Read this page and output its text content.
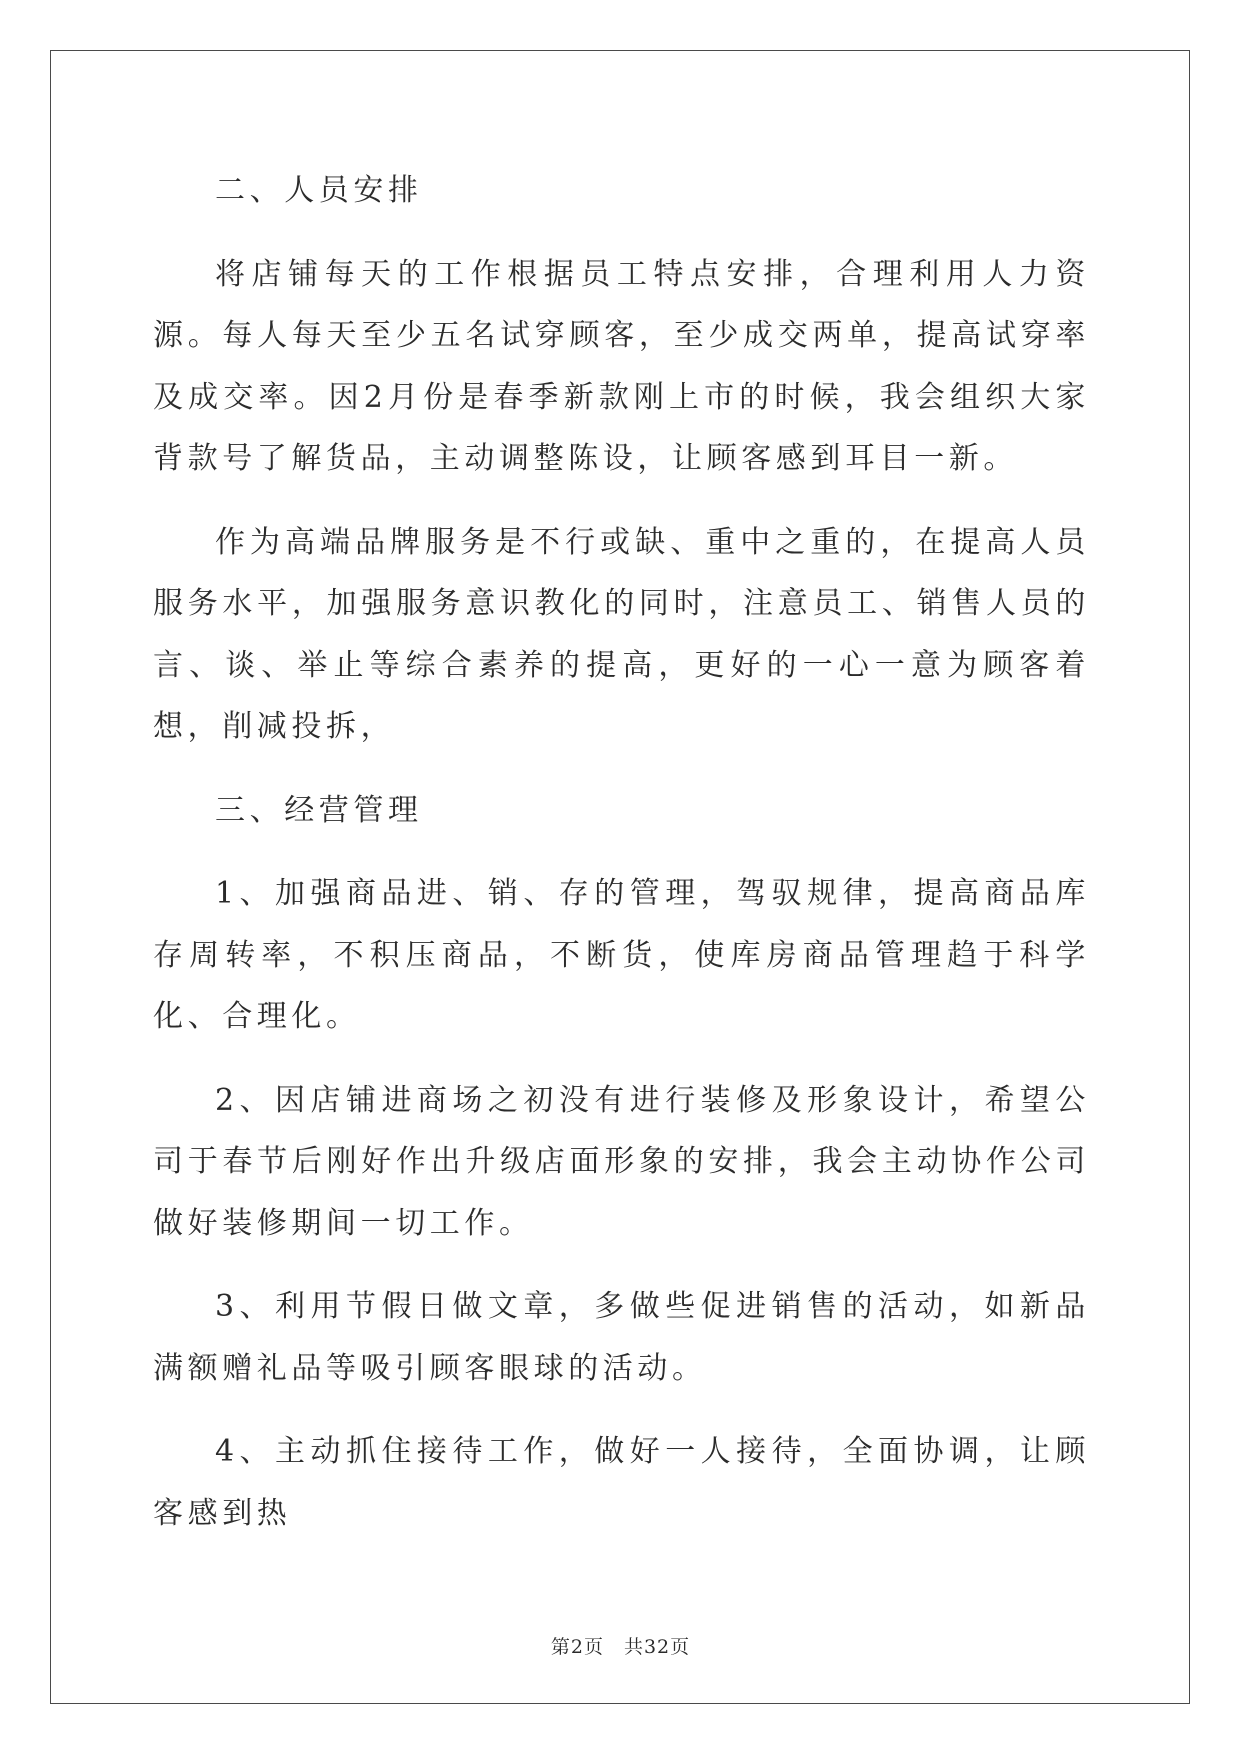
二、人员安排

将店铺每天的工作根据员工特点安排，合理利用人力资源。每人每天至少五名试穿顾客，至少成交两单，提高试穿率及成交率。因2月份是春季新款刚上市的时候，我会组织大家背款号了解货品，主动调整陈设，让顾客感到耳目一新。

作为高端品牌服务是不行或缺、重中之重的，在提高人员服务水平，加强服务意识教化的同时，注意员工、销售人员的言、谈、举止等综合素养的提高，更好的一心一意为顾客着想，削减投拆，

三、经营管理

1、加强商品进、销、存的管理，驾驭规律，提高商品库存周转率，不积压商品，不断货，使库房商品管理趋于科学化、合理化。

2、因店铺进商场之初没有进行装修及形象设计，希望公司于春节后刚好作出升级店面形象的安排，我会主动协作公司做好装修期间一切工作。

3、利用节假日做文章，多做些促进销售的活动，如新品满额赠礼品等吸引顾客眼球的活动。

4、主动抓住接待工作，做好一人接待，全面协调，让顾客感到热

第2页　共32页
